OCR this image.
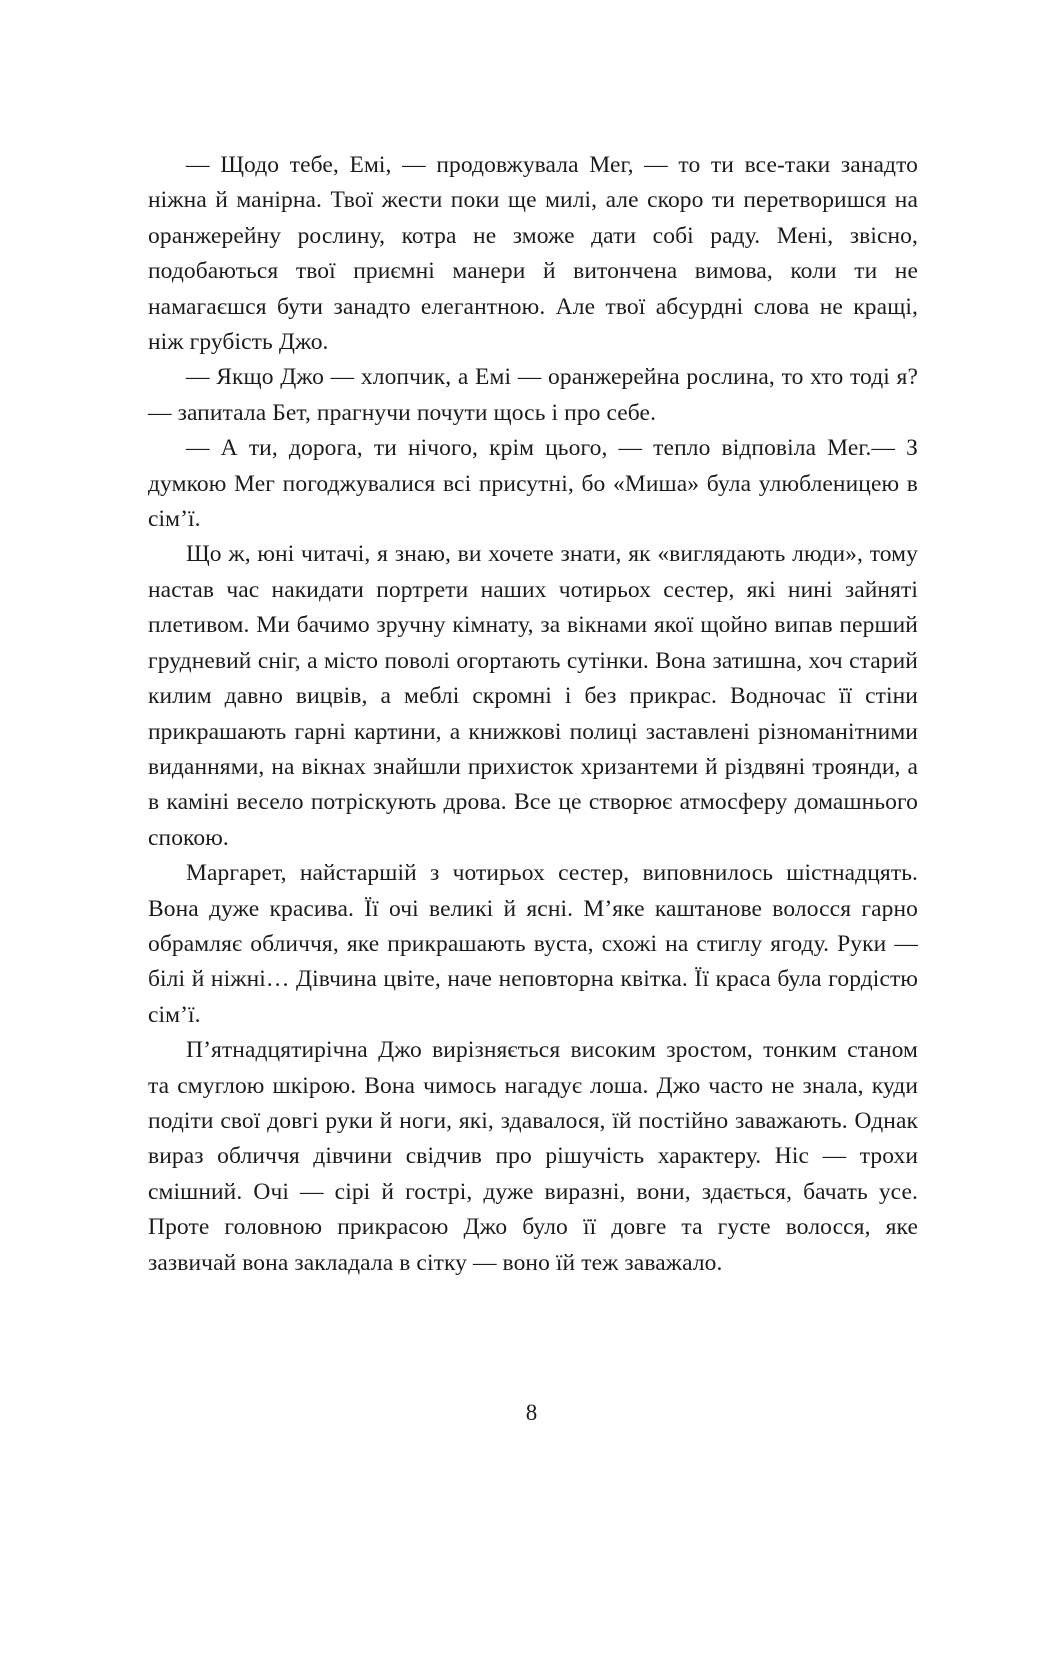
— Щодо тебе, Емі, — продовжувала Мег, — то ти все-таки занадто ніжна й манірна. Твої жести поки ще милі, але скоро ти перетворишся на оранжерейну рослину, котра не зможе дати собі раду. Мені, звісно, подобаються твої приємні манери й витончена вимова, коли ти не намагаєшся бути занадто елегантною. Але твої абсурдні слова не кращі, ніж грубість Джо.

— Якщо Джо — хлопчик, а Емі — оранжерейна рослина, то хто тоді я? — запитала Бет, прагнучи почути щось і про себе.

— А ти, дорога, ти нічого, крім цього, — тепло відповіла Мег.— З думкою Мег погоджувалися всі присутні, бо «Миша» була улюбленицею в сім’ї.

Що ж, юні читачі, я знаю, ви хочете знати, як «виглядають люди», тому настав час накидати портрети наших чотирьох сестер, які нині зайняті плетивом. Ми бачимо зручну кімнату, за вікнами якої щойно випав перший грудневий сніг, а місто поволі огортають сутінки. Вона затишна, хоч старий килим давно вицвів, а меблі скромні і без прикрас. Водночас її стіни прикрашають гарні картини, а книжкові полиці заставлені різноманітними виданнями, на вікнах знайшли прихисток хризантеми й різдвяні троянди, а в каміні весело потріскують дрова. Все це створює атмосферу домашнього спокою.

Маргарет, найстаршій з чотирьох сестер, виповнилось шістнадцять. Вона дуже красива. Її очі великі й ясні. М’яке каштанове волосся гарно обрамляє обличчя, яке прикрашають вуста, схожі на стиглу ягоду. Руки — білі й ніжні… Дівчина цвіте, наче неповторна квітка. Її краса була гордістю сім’ї.

П’ятнадцятирічна Джо вирізняється високим зростом, тонким станом та смуглою шкірою. Вона чимось нагадує лоша. Джо часто не знала, куди подіти свої довгі руки й ноги, які, здавалося, їй постійно заважають. Однак вираз обличчя дівчини свідчив про рішучість характеру. Ніс — трохи смішний. Очі — сірі й гострі, дуже виразні, вони, здається, бачать усе. Проте головною прикрасою Джо було її довге та густе волосся, яке зазвичай вона закладала в сітку — воно їй теж заважало.

8
